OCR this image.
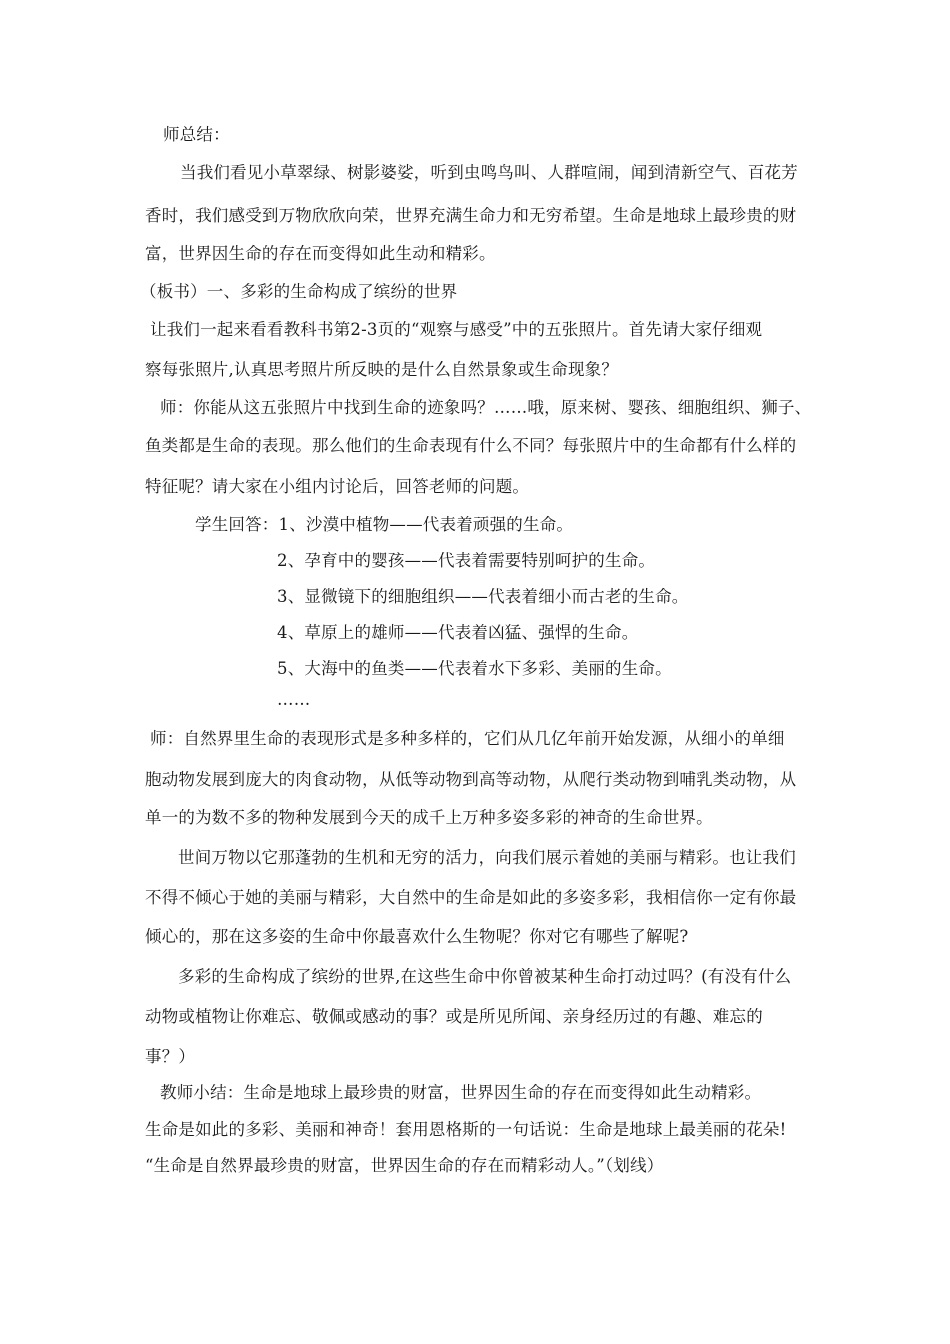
师总结：
当我们看见小草翠绿、树影婆娑，听到虫鸣鸟叫、人群喧闹，闻到清新空气、百花芳
香时，我们感受到万物欣欣向荣，世界充满生命力和无穷希望。生命是地球上最珍贵的财
富，世界因生命的存在而变得如此生动和精彩。
（板书）一、多彩的生命构成了缤纷的世界
让我们一起来看看教科书第2-3页的“观察与感受”中的五张照片。首先请大家仔细观
察每张照片,认真思考照片所反映的是什么自然景象或生命现象？
师：你能从这五张照片中找到生命的迹象吗？……哦，原来树、婴孩、细胞组织、狮子、
鱼类都是生命的表现。那么他们的生命表现有什么不同？每张照片中的生命都有什么样的
特征呢？请大家在小组内讨论后，回答老师的问题。
学生回答：1、沙漠中植物——代表着顽强的生命。
2、孕育中的婴孩——代表着需要特别呵护的生命。
3、显微镜下的细胞组织——代表着细小而古老的生命。
4、草原上的雄师——代表着凶猛、强悍的生命。
5、大海中的鱼类——代表着水下多彩、美丽的生命。
……
师：自然界里生命的表现形式是多种多样的，它们从几亿年前开始发源，从细小的单细
胞动物发展到庞大的肉食动物，从低等动物到高等动物，从爬行类动物到哺乳类动物，从
单一的为数不多的物种发展到今天的成千上万种多姿多彩的神奇的生命世界。
世间万物以它那蓬勃的生机和无穷的活力，向我们展示着她的美丽与精彩。也让我们
不得不倾心于她的美丽与精彩，大自然中的生命是如此的多姿多彩，我相信你一定有你最
倾心的，那在这多姿的生命中你最喜欢什么生物呢？你对它有哪些了解呢?
多彩的生命构成了缤纷的世界,在这些生命中你曾被某种生命打动过吗？(有没有什么
动物或植物让你难忘、敬佩或感动的事？或是所见所闻、亲身经历过的有趣、难忘的
事？）
教师小结：生命是地球上最珍贵的财富，世界因生命的存在而变得如此生动精彩。
生命是如此的多彩、美丽和神奇！套用恩格斯的一句话说：生命是地球上最美丽的花朵!
“生命是自然界最珍贵的财富，世界因生命的存在而精彩动人。”（划线）
